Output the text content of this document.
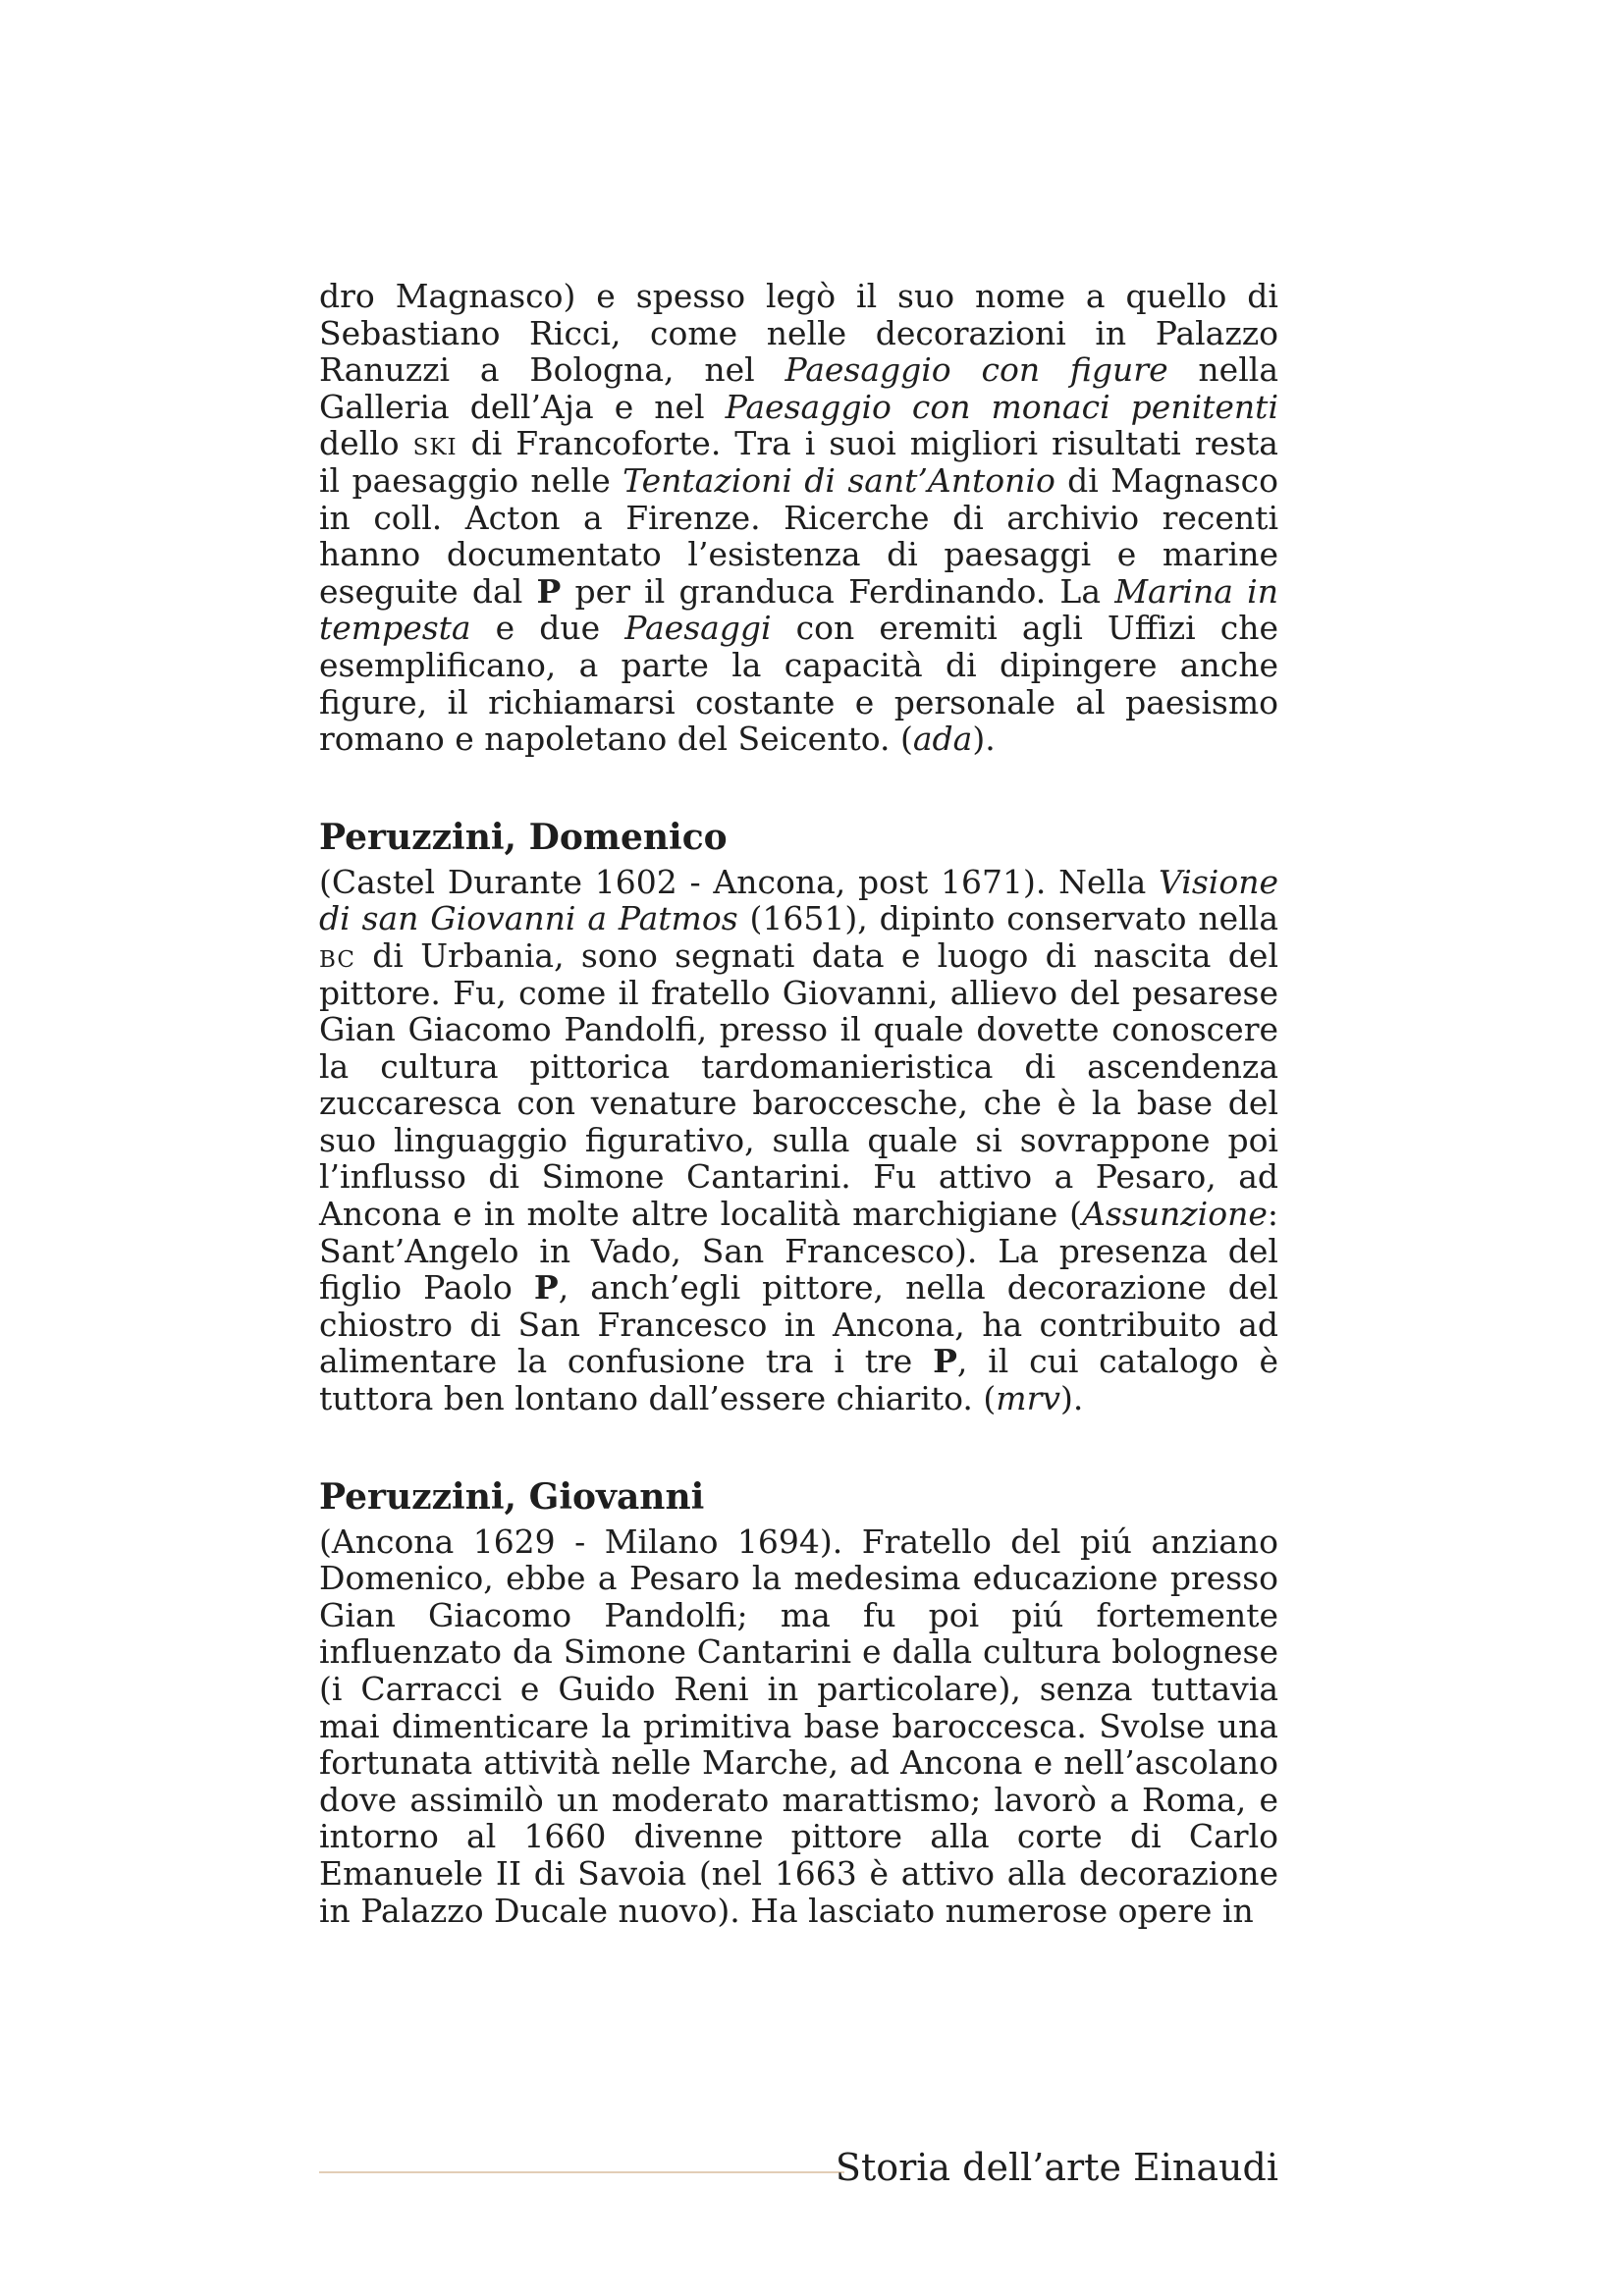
dro Magnasco) e spesso legò il suo nome a quello di Sebastiano Ricci, come nelle decorazioni in Palazzo Ranuzzi a Bologna, nel Paesaggio con figure nella Galleria dell’Aja e nel Paesaggio con monaci penitenti dello ski di Francoforte. Tra i suoi migliori risultati resta il paesaggio nelle Tentazioni di sant’Antonio di Magnasco in coll. Acton a Firenze. Ricerche di archivio recenti hanno documentato l’esistenza di paesaggi e marine eseguite dal P per il granduca Ferdinando. La Marina in tempesta e due Paesaggi con eremiti agli Uffizi che esemplificano, a parte la capacità di dipingere anche figure, il richiamarsi costante e personale al paesismo romano e napoletano del Seicento. (ada).

Peruzzini, Domenico

(Castel Durante 1602 - Ancona, post 1671). Nella Visione di san Giovanni a Patmos (1651), dipinto conservato nella bc di Urbania, sono segnati data e luogo di nascita del pittore. Fu, come il fratello Giovanni, allievo del pesarese Gian Giacomo Pandolfi, presso il quale dovette conoscere la cultura pittorica tardomanieristica di ascendenza zuccaresca con venature baroccesche, che è la base del suo linguaggio figurativo, sulla quale si sovrappone poi l’influsso di Simone Cantarini. Fu attivo a Pesaro, ad Ancona e in molte altre località marchigiane (Assunzione: Sant’Angelo in Vado, San Francesco). La presenza del figlio Paolo P, anch’egli pittore, nella decorazione del chiostro di San Francesco in Ancona, ha contribuito ad alimentare la confusione tra i tre P, il cui catalogo è tuttora ben lontano dall’essere chiarito. (mrv).

Peruzzini, Giovanni

(Ancona 1629 - Milano 1694). Fratello del piú anziano Domenico, ebbe a Pesaro la medesima educazione presso Gian Giacomo Pandolfi; ma fu poi piú fortemente influenzato da Simone Cantarini e dalla cultura bolognese (i Carracci e Guido Reni in particolare), senza tuttavia mai dimenticare la primitiva base baroccesca. Svolse una fortunata attività nelle Marche, ad Ancona e nell’ascolano dove assimilò un moderato marattismo; lavorò a Roma, e intorno al 1660 divenne pittore alla corte di Carlo Emanuele II di Savoia (nel 1663 è attivo alla decorazione in Palazzo Ducale nuovo). Ha lasciato numerose opere in

Storia dell’arte Einaudi
